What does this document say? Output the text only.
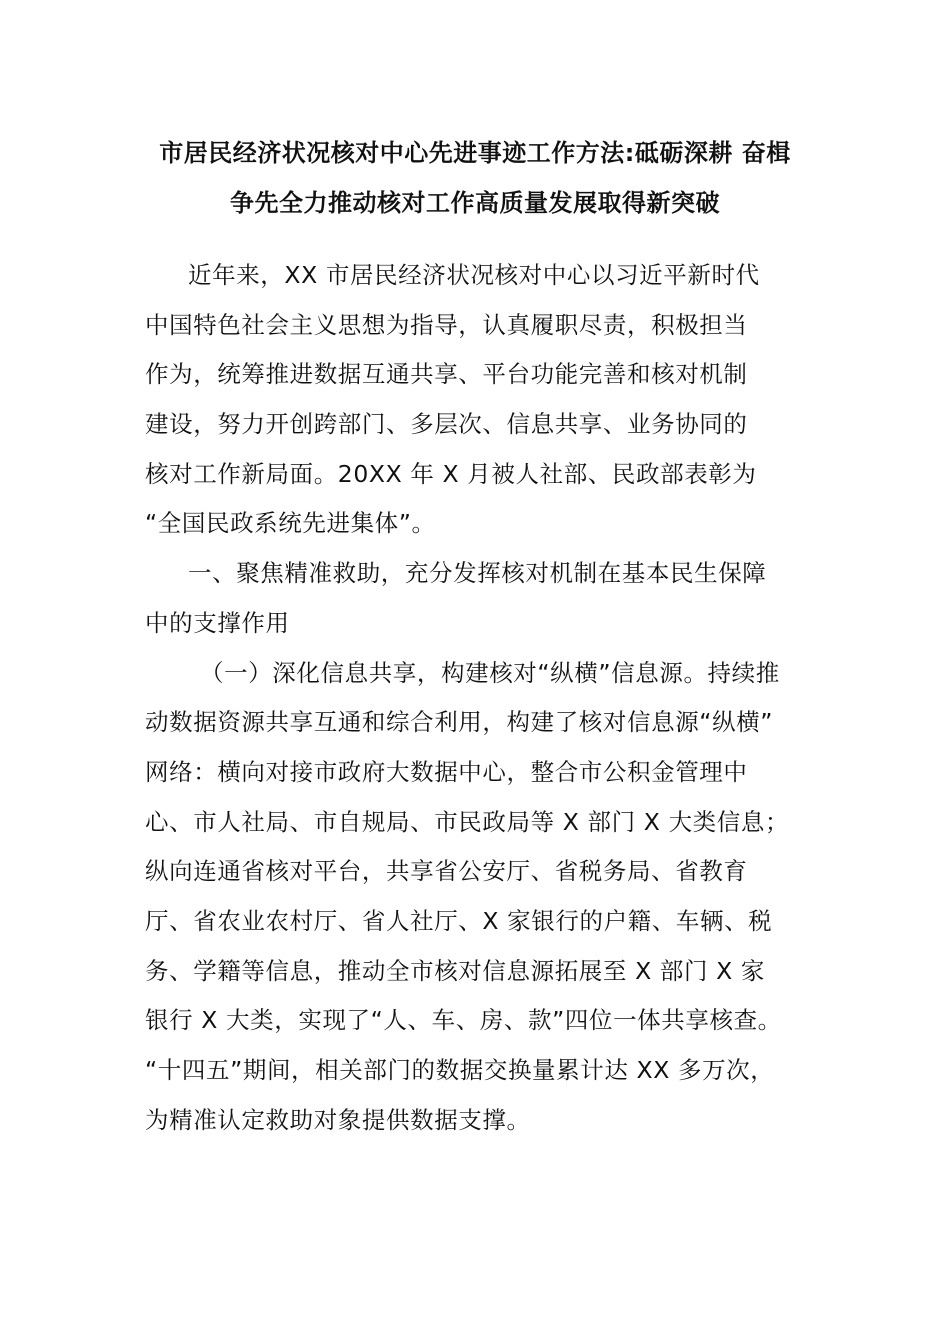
市居民经济状况核对中心先进事迹工作方法:砥砺深耕 奋楫
争先全力推动核对工作高质量发展取得新突破
近年来，XX 市居民经济状况核对中心以习近平新时代
中国特色社会主义思想为指导，认真履职尽责，积极担当
作为，统筹推进数据互通共享、平台功能完善和核对机制
建设，努力开创跨部门、多层次、信息共享、业务协同的
核对工作新局面。20XX 年 X 月被人社部、民政部表彰为
“全国民政系统先进集体”。
一、聚焦精准救助，充分发挥核对机制在基本民生保障
中的支撑作用
（一）深化信息共享，构建核对“纵横”信息源。持续推
动数据资源共享互通和综合利用，构建了核对信息源“纵横”
网络：横向对接市政府大数据中心，整合市公积金管理中
心、市人社局、市自规局、市民政局等 X 部门 X 大类信息；
纵向连通省核对平台，共享省公安厅、省税务局、省教育
厅、省农业农村厅、省人社厅、X 家银行的户籍、车辆、税
务、学籍等信息，推动全市核对信息源拓展至 X 部门 X 家
银行 X 大类，实现了“人、车、房、款”四位一体共享核查。
“十四五”期间，相关部门的数据交换量累计达 XX 多万次，
为精准认定救助对象提供数据支撑。
